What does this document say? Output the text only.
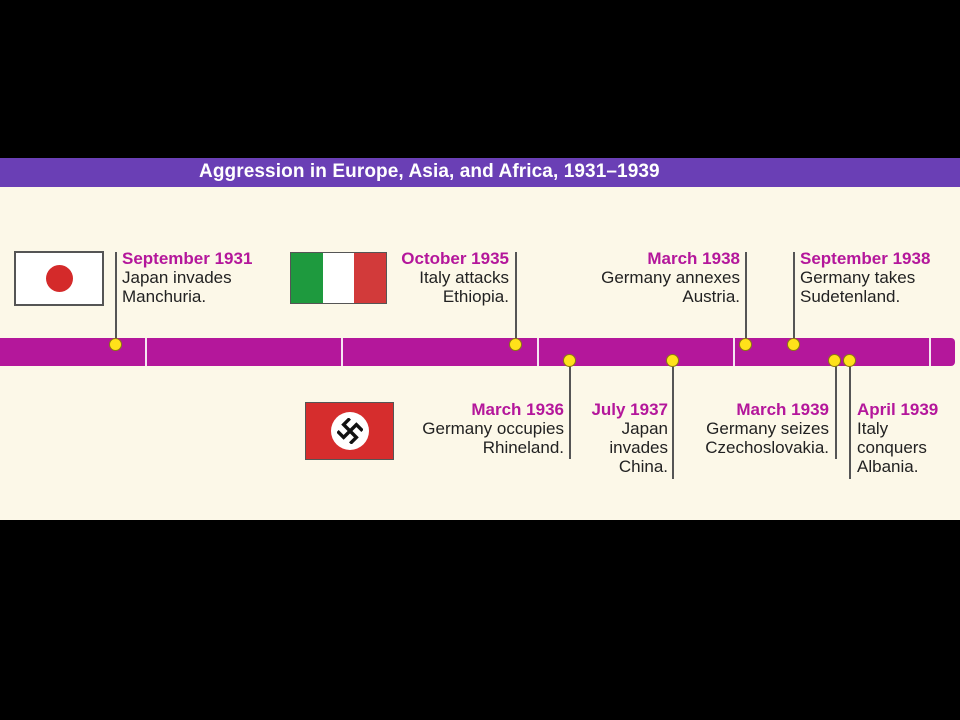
Aggression in Europe, Asia, and Africa, 1931–1939
September 1931
Japan invades
Manchuria.
October 1935
Italy attacks
Ethiopia.
March 1938
Germany annexes
Austria.
September 1938
Germany takes
Sudetenland.
March 1936
Germany occupies
Rhineland.
July 1937
Japan
invades
China.
March 1939
Germany seizes
Czechoslovakia.
April 1939
Italy
conquers
Albania.
